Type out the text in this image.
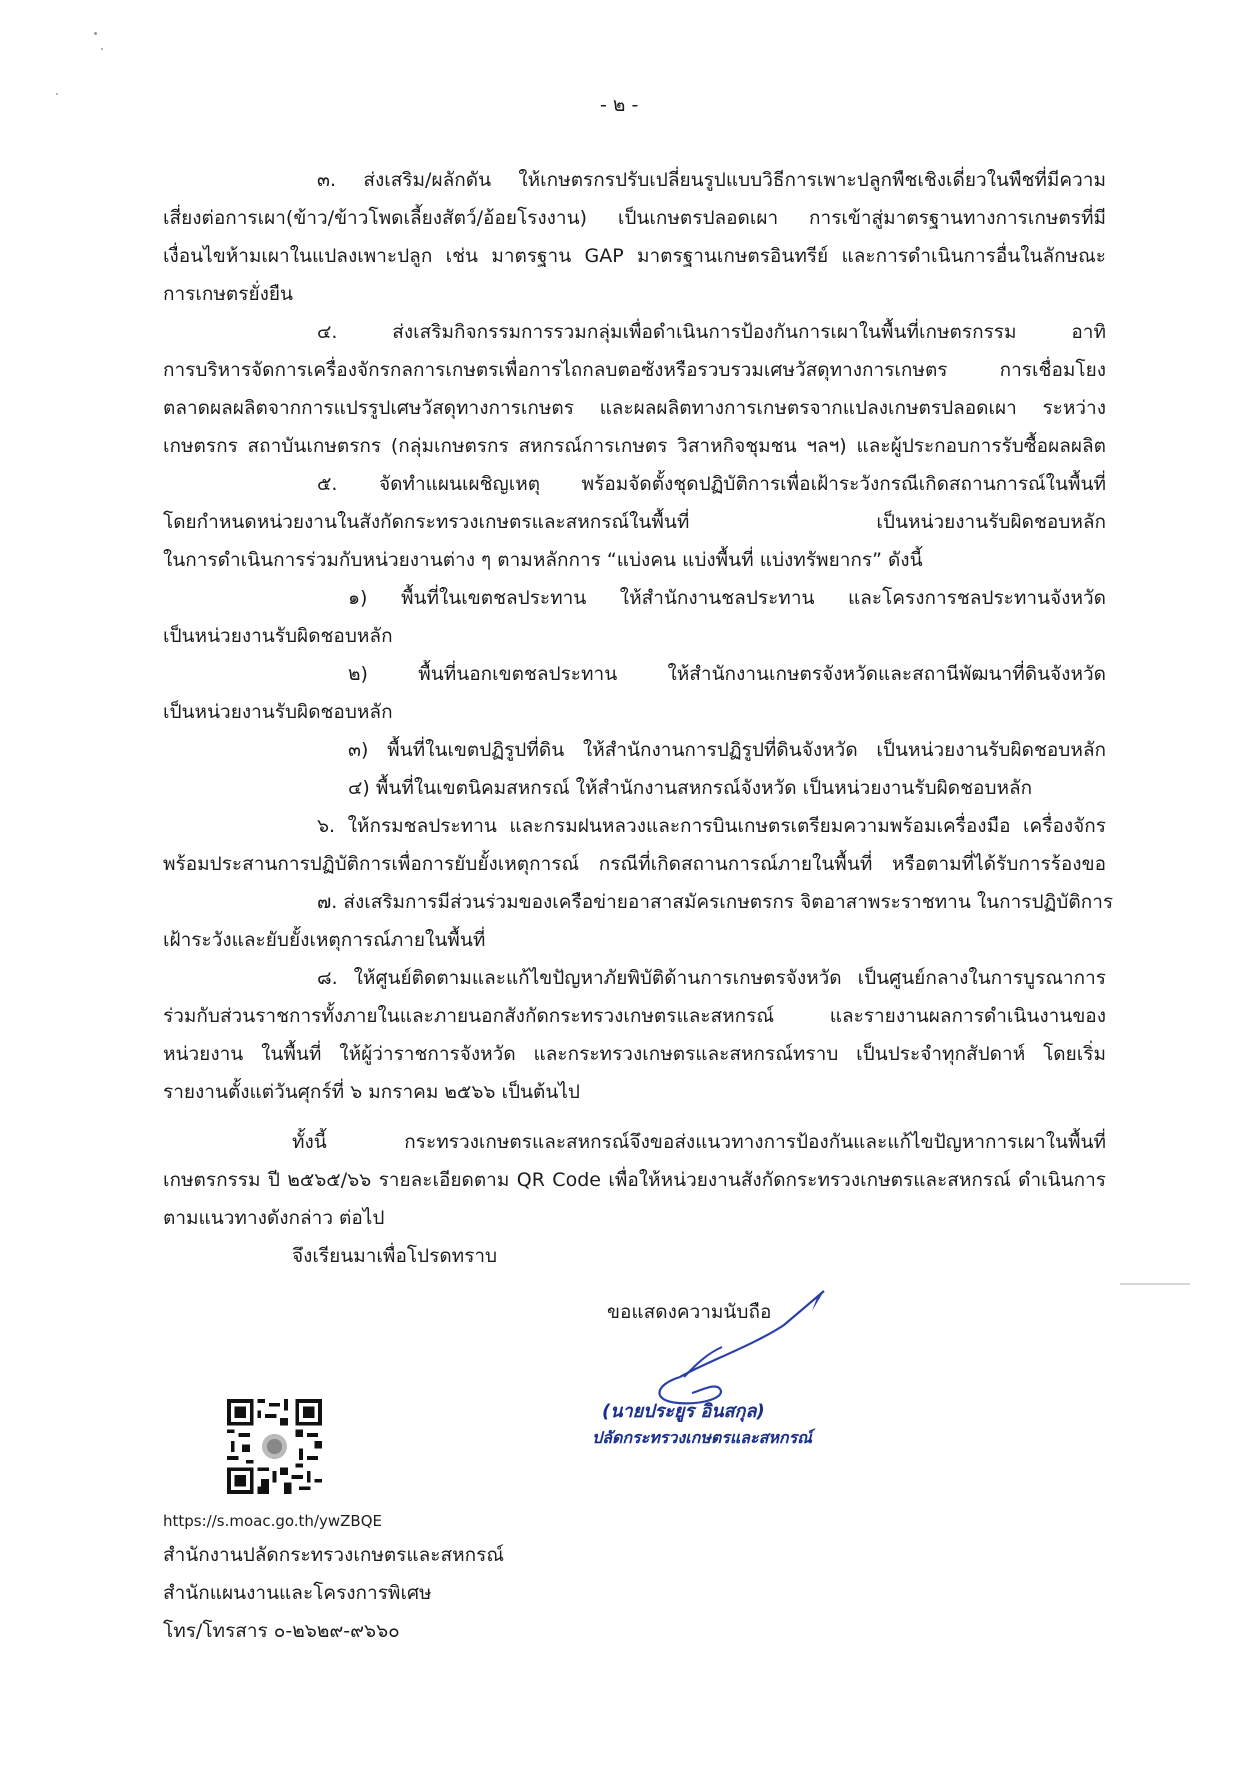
- ๒ -
๓. ส่งเสริม/ผลักดัน ให้เกษตรกรปรับเปลี่ยนรูปแบบวิธีการเพาะปลูกพืชเชิงเดี่ยวในพืชที่มีความ
เสี่ยงต่อการเผา(ข้าว/ข้าวโพดเลี้ยงสัตว์/อ้อยโรงงาน) เป็นเกษตรปลอดเผา การเข้าสู่มาตรฐานทางการเกษตรที่มี
เงื่อนไขห้ามเผาในแปลงเพาะปลูก เช่น มาตรฐาน GAP มาตรฐานเกษตรอินทรีย์ และการดำเนินการอื่นในลักษณะ
การเกษตรยั่งยืน
๔. ส่งเสริมกิจกรรมการรวมกลุ่มเพื่อดำเนินการป้องกันการเผาในพื้นที่เกษตรกรรม อาทิ
การบริหารจัดการเครื่องจักรกลการเกษตรเพื่อการไถกลบตอซังหรือรวบรวมเศษวัสดุทางการเกษตร การเชื่อมโยง
ตลาดผลผลิตจากการแปรรูปเศษวัสดุทางการเกษตร และผลผลิตทางการเกษตรจากแปลงเกษตรปลอดเผา ระหว่าง
เกษตรกร สถาบันเกษตรกร (กลุ่มเกษตรกร สหกรณ์การเกษตร วิสาหกิจชุมชน ฯลฯ) และผู้ประกอบการรับซื้อผลผลิต
๕. จัดทำแผนเผชิญเหตุ พร้อมจัดตั้งชุดปฏิบัติการเพื่อเฝ้าระวังกรณีเกิดสถานการณ์ในพื้นที่
โดยกำหนดหน่วยงานในสังกัดกระทรวงเกษตรและสหกรณ์ในพื้นที่ เป็นหน่วยงานรับผิดชอบหลัก
ในการดำเนินการร่วมกับหน่วยงานต่าง ๆ ตามหลักการ “แบ่งคน แบ่งพื้นที่ แบ่งทรัพยากร” ดังนี้
๑) พื้นที่ในเขตชลประทาน ให้สำนักงานชลประทาน และโครงการชลประทานจังหวัด
เป็นหน่วยงานรับผิดชอบหลัก
๒) พื้นที่นอกเขตชลประทาน ให้สำนักงานเกษตรจังหวัดและสถานีพัฒนาที่ดินจังหวัด
เป็นหน่วยงานรับผิดชอบหลัก
๓) พื้นที่ในเขตปฏิรูปที่ดิน ให้สำนักงานการปฏิรูปที่ดินจังหวัด เป็นหน่วยงานรับผิดชอบหลัก
๔) พื้นที่ในเขตนิคมสหกรณ์ ให้สำนักงานสหกรณ์จังหวัด เป็นหน่วยงานรับผิดชอบหลัก
๖. ให้กรมชลประทาน และกรมฝนหลวงและการบินเกษตรเตรียมความพร้อมเครื่องมือ เครื่องจักร
พร้อมประสานการปฏิบัติการเพื่อการยับยั้งเหตุการณ์ กรณีที่เกิดสถานการณ์ภายในพื้นที่ หรือตามที่ได้รับการร้องขอ
๗. ส่งเสริมการมีส่วนร่วมของเครือข่ายอาสาสมัครเกษตรกร จิตอาสาพระราชทาน ในการปฏิบัติการ
เฝ้าระวังและยับยั้งเหตุการณ์ภายในพื้นที่
๘. ให้ศูนย์ติดตามและแก้ไขปัญหาภัยพิบัติด้านการเกษตรจังหวัด เป็นศูนย์กลางในการบูรณาการ
ร่วมกับส่วนราชการทั้งภายในและภายนอกสังกัดกระทรวงเกษตรและสหกรณ์ และรายงานผลการดำเนินงานของ
หน่วยงาน ในพื้นที่ ให้ผู้ว่าราชการจังหวัด และกระทรวงเกษตรและสหกรณ์ทราบ เป็นประจำทุกสัปดาห์ โดยเริ่ม
รายงานตั้งแต่วันศุกร์ที่ ๖ มกราคม ๒๕๖๖ เป็นต้นไป
ทั้งนี้ กระทรวงเกษตรและสหกรณ์จึงขอส่งแนวทางการป้องกันและแก้ไขปัญหาการเผาในพื้นที่
เกษตรกรรม ปี ๒๕๖๕/๖๖ รายละเอียดตาม QR Code เพื่อให้หน่วยงานสังกัดกระทรวงเกษตรและสหกรณ์ ดำเนินการ
ตามแนวทางดังกล่าว ต่อไป
จึงเรียนมาเพื่อโปรดทราบ
ขอแสดงความนับถือ
(นายประยูร อินสกุล)
ปลัดกระทรวงเกษตรและสหกรณ์
https://s.moac.go.th/ywZBQE
สำนักงานปลัดกระทรวงเกษตรและสหกรณ์
สำนักแผนงานและโครงการพิเศษ
โทร/โทรสาร ๐-๒๖๒๙-๙๖๖๐
